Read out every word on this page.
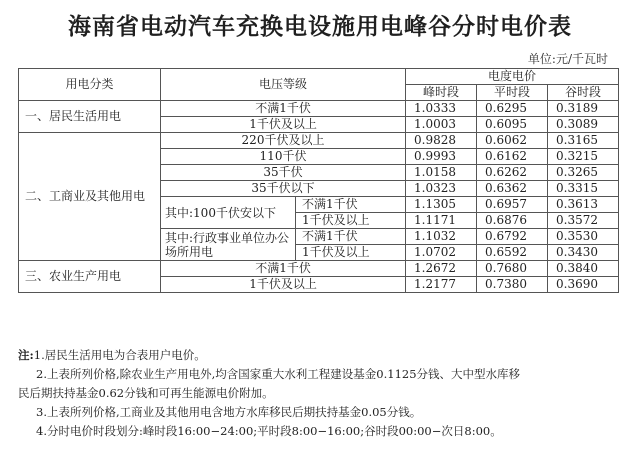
海南省电动汽车充换电设施用电峰谷分时电价表
单位:元/千瓦时
用电分类	电压等级		电度电价		
			峰时段	平时段	谷时段
一、居民生活用电	不满1千伏		1.0333	0.6295	0.3189
	1千伏及以上		1.0003	0.6095	0.3089
二、工商业及其他用电	220千伏及以上		0.9828	0.6062	0.3165
	110千伏		0.9993	0.6162	0.3215
	35千伏		1.0158	0.6262	0.3265
	35千伏以下		1.0323	0.6362	0.3315
	其中:100千伏安以下	不满1千伏	1.1305	0.6957	0.3613
		1千伏及以上	1.1171	0.6876	0.3572
	其中:行政事业单位办公场所用电	不满1千伏	1.1032	0.6792	0.3530
		1千伏及以上	1.0702	0.6592	0.3430
三、农业生产用电	不满1千伏		1.2672	0.7680	0.3840
	1千伏及以上		1.2177	0.7380	0.3690

注:1.居民生活用电为合表用户电价。

2.上表所列价格,除农业生产用电外,均含国家重大水利工程建设基金0.1125分钱、大中型水库移

民后期扶持基金0.62分钱和可再生能源电价附加。

3.上表所列价格,工商业及其他用电含地方水库移民后期扶持基金0.05分钱。

4.分时电价时段划分:峰时段16:00−24:00;平时段8:00−16:00;谷时段00:00−次日8:00。
